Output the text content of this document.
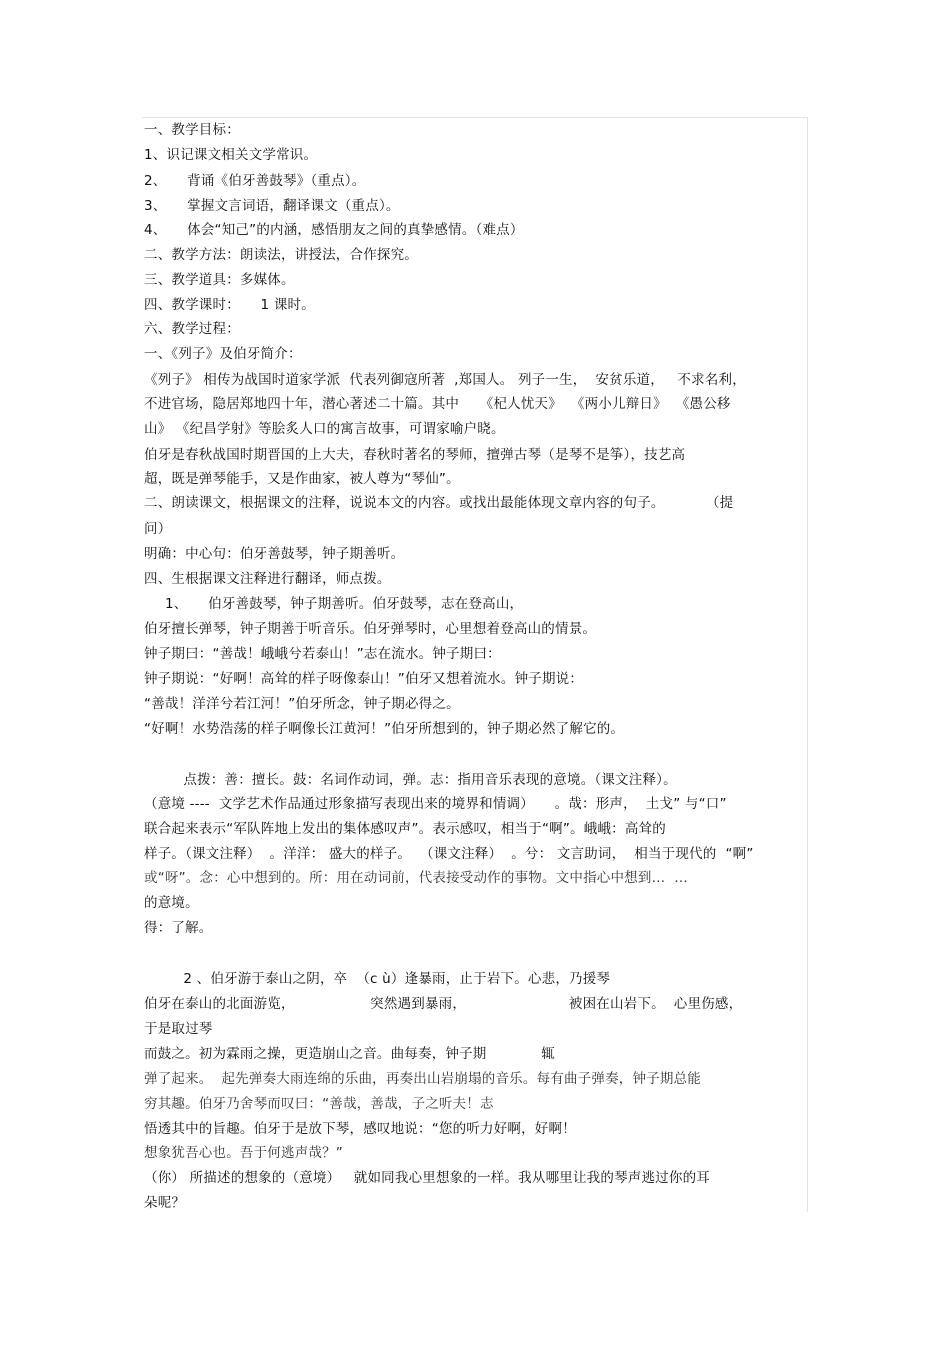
一、教学目标：
1、识记课文相关文学常识。
2、　　背诵《伯牙善鼓琴》（重点）。
3、　　掌握文言词语，翻译课文（重点）。
4、　　体会“知己”的内涵，感悟朋友之间的真挚感情。（难点）
二、教学方法：朗读法，讲授法，合作探究。
三、教学道具：多媒体。
四、教学课时：　　1 课时。
六、教学过程：
一、《列子》及伯牙简介：
《列子》 相传为战国时道家学派  代表列御寇所著  ,郑国人。 列子一生，  安贫乐道，   不求名利，
不进官场，隐居郑地四十年，潜心著述二十篇。其中　　《杞人忧天》  《两小儿辩日》  《愚公移
山》 《纪昌学射》等脍炙人口的寓言故事，可谓家喻户晓。
伯牙是春秋战国时期晋国的上大夫，春秋时著名的琴师，擅弹古琴（是琴不是筝），技艺高
超，既是弹琴能手，又是作曲家，被人尊为“琴仙”。
二、朗读课文，根据课文的注释，说说本文的内容。或找出最能体现文章内容的句子。　　　　（提
问）
明确：中心句：伯牙善鼓琴，钟子期善听。
四、生根据课文注释进行翻译，师点拨。
1、　　伯牙善鼓琴，钟子期善听。伯牙鼓琴，志在登高山，
伯牙擅长弹琴，钟子期善于听音乐。伯牙弹琴时，心里想着登高山的情景。
钟子期曰：“善哉！峨峨兮若泰山！”志在流水。钟子期曰：
钟子期说：“好啊！高耸的样子呀像泰山！”伯牙又想着流水。钟子期说：
“善哉！洋洋兮若江河！”伯牙所念，钟子期必得之。
“好啊！水势浩荡的样子啊像长江黄河！”伯牙所想到的，钟子期必然了解它的。
　　点拨：善：擅长。鼓：名词作动词，弹。志：指用音乐表现的意境。（课文注释）。
（意境 ----  文学艺术作品通过形象描写表现出来的境界和情调）　　。哉：形声，  土戈” 与“口”
联合起来表示“军队阵地上发出的集体感叹声”。表示感叹，相当于“啊”。峨峨：高耸的
样子。（课文注释）  。洋洋： 盛大的样子。  （课文注释）  。兮： 文言助词，  相当于现代的  “啊”
或“呀”。念：心中想到的。所：用在动词前，代表接受动作的事物。文中指心中想到…  …
的意境。
得：了解。
　　2 、伯牙游于泰山之阴，卒  （c ù）逢暴雨，止于岩下。心悲，乃援琴
伯牙在泰山的北面游览，　　　　　　突然遇到暴雨，　　　　　　　　被困在山岩下。  心里伤感，
于是取过琴
而鼓之。初为霖雨之操，更造崩山之音。曲每奏，钟子期　　　　辄
弹了起来。  起先弹奏大雨连绵的乐曲，再奏出山岩崩塌的音乐。每有曲子弹奏，钟子期总能
穷其趣。伯牙乃舍琴而叹曰：“善哉，善哉，子之听夫！志
悟透其中的旨趣。伯牙于是放下琴，感叹地说：“您的听力好啊，好啊！
想象犹吾心也。吾于何逃声哉？”
（你） 所描述的想象的（意境）   就如同我心里想象的一样。我从哪里让我的琴声逃过你的耳
朵呢？
